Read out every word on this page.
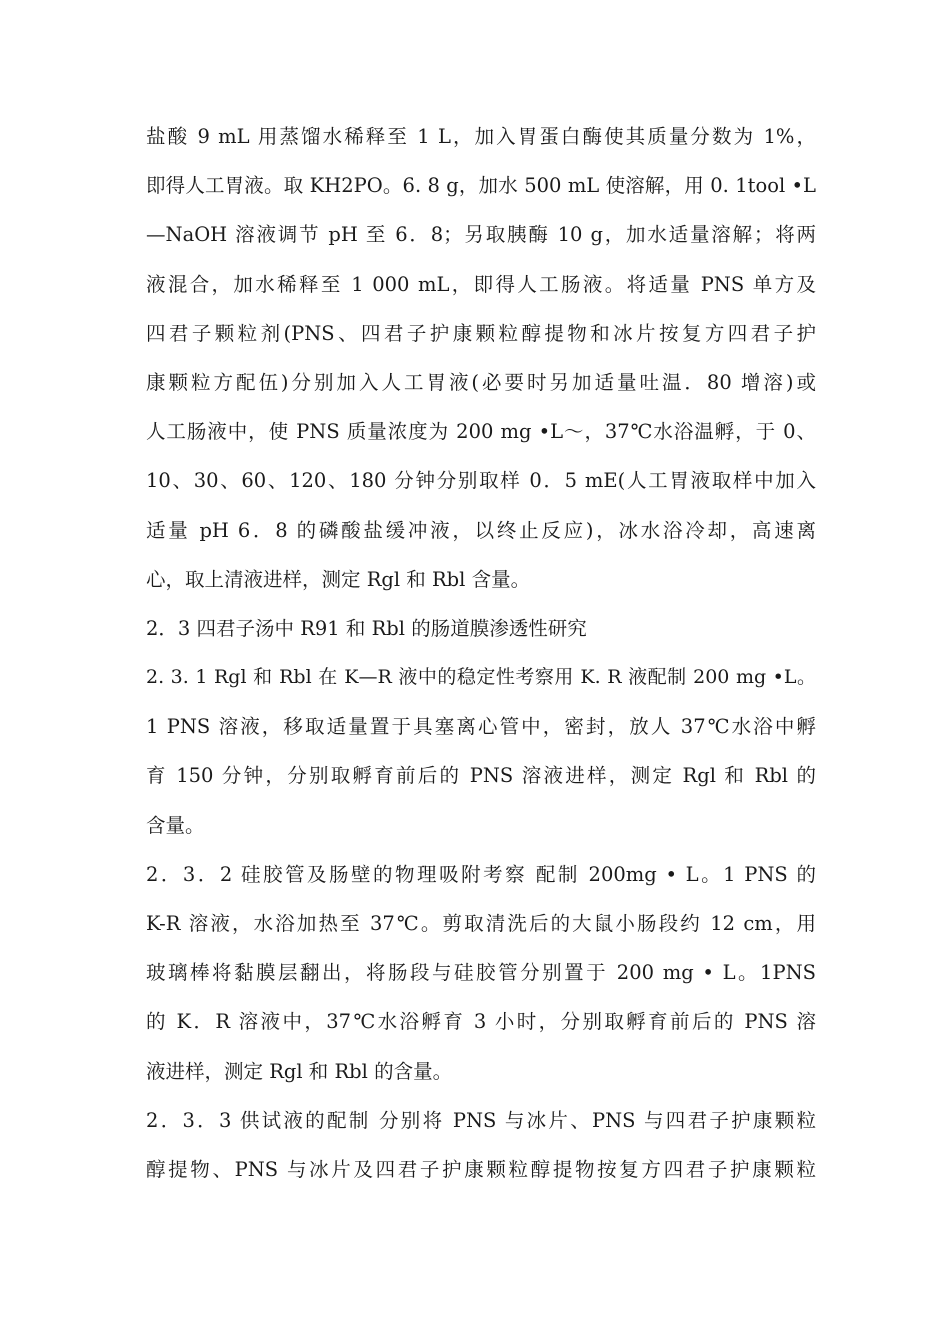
盐酸 9 mL 用蒸馏水稀释至 1 L，加入胃蛋白酶使其质量分数为 1%，
即得人工胃液。取 KH2PO。6. 8 g，加水 500 mL 使溶解，用 0. 1tool •L
—NaOH 溶液调节 pH 至 6．8；另取胰酶 10 g，加水适量溶解；将两
液混合，加水稀释至 1 000 mL，即得人工肠液。将适量 PNS 单方及
四君子颗粒剂(PNS、四君子护康颗粒醇提物和冰片按复方四君子护
康颗粒方配伍)分别加入人工胃液(必要时另加适量吐温．80 增溶)或
人工肠液中，使 PNS 质量浓度为 200 mg •L～，37℃水浴温孵，于 0、
10、30、60、120、180 分钟分别取样 0．5 mE(人工胃液取样中加入
适量 pH 6．8 的磷酸盐缓冲液，以终止反应)，冰水浴冷却，高速离
心，取上清液进样，测定 Rgl 和 Rbl 含量。
2．3 四君子汤中 R91 和 Rbl 的肠道膜渗透性研究
2. 3. 1 Rgl 和 Rbl 在 K—R 液中的稳定性考察用 K. R 液配制 200 mg •L。
1 PNS 溶液，移取适量置于具塞离心管中，密封，放人 37℃水浴中孵
育 150 分钟，分别取孵育前后的 PNS 溶液进样，测定 Rgl 和 Rbl 的
含量。
2．3．2 硅胶管及肠壁的物理吸附考察 配制 200mg • L。1 PNS 的
K-R 溶液，水浴加热至 37℃。剪取清洗后的大鼠小肠段约 12 cm，用
玻璃棒将黏膜层翻出，将肠段与硅胶管分别置于 200 mg • L。1PNS
的 K．R 溶液中，37℃水浴孵育 3 小时，分别取孵育前后的 PNS 溶
液进样，测定 Rgl 和 Rbl 的含量。
2．3．3 供试液的配制 分别将 PNS 与冰片、PNS 与四君子护康颗粒
醇提物、PNS 与冰片及四君子护康颗粒醇提物按复方四君子护康颗粒
